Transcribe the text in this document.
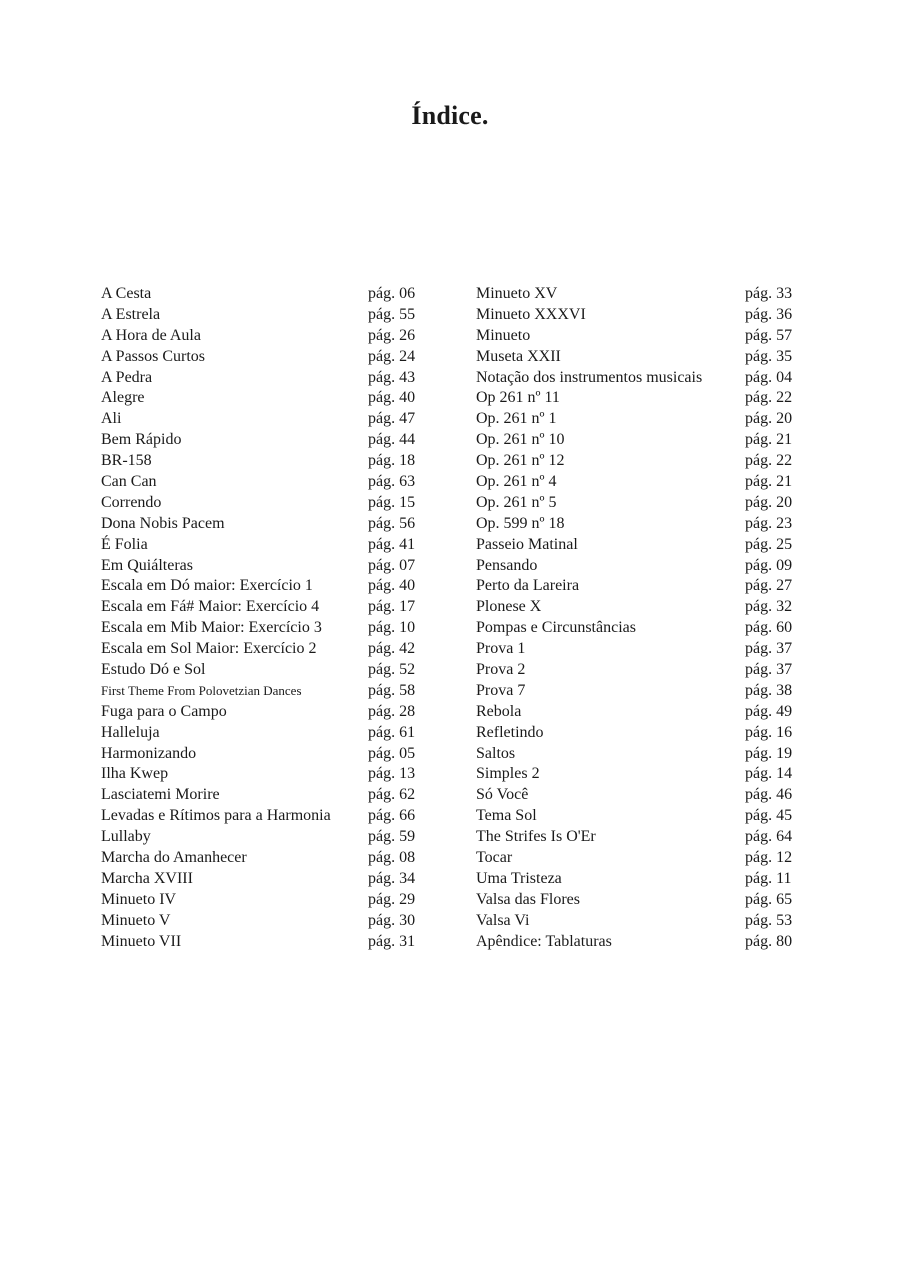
Índice.
A Cesta	pág. 06
A Estrela	pág. 55
A Hora de Aula	pág. 26
A Passos Curtos	pág. 24
A Pedra	pág. 43
Alegre	pág. 40
Ali	pág. 47
Bem Rápido	pág. 44
BR-158	pág. 18
Can Can	pág. 63
Correndo	pág. 15
Dona Nobis Pacem	pág. 56
É Folia	pág. 41
Em Quiálteras	pág. 07
Escala em Dó maior: Exercício 1	pág. 40
Escala em Fá# Maior: Exercício 4	pág. 17
Escala em Mib Maior: Exercício 3	pág. 10
Escala em Sol Maior: Exercício 2	pág. 42
Estudo Dó e Sol	pág. 52
First Theme From Polovetzian Dances	pág. 58
Fuga para o Campo	pág. 28
Halleluja	pág. 61
Harmonizando	pág. 05
Ilha Kwep	pág. 13
Lasciatemi Morire	pág. 62
Levadas e Rítimos para a Harmonia pág. 66
Lullaby	pág. 59
Marcha do Amanhecer	pág. 08
Marcha XVIII	pág. 34
Minueto IV	pág. 29
Minueto V	pág. 30
Minueto VII	pág. 31
Minueto XV	pág. 33
Minueto XXXVI	pág. 36
Minueto	pág. 57
Museta XXII	pág. 35
Notação dos instrumentos musicais	pág. 04
Op 261 nº 11	pág. 22
Op. 261 nº 1	pág. 20
Op. 261 nº 10	pág. 21
Op. 261 nº 12	pág. 22
Op. 261 nº 4	pág. 21
Op. 261 nº 5	pág. 20
Op. 599 nº 18	pág. 23
Passeio Matinal	pág. 25
Pensando	pág. 09
Perto da Lareira	pág. 27
Plonese X	pág. 32
Pompas e Circunstâncias	pág. 60
Prova 1	pág. 37
Prova 2	pág. 37
Prova 7	pág. 38
Rebola	pág. 49
Refletindo	pág. 16
Saltos	pág. 19
Simples 2	pág. 14
Só Você	pág. 46
Tema Sol	pág. 45
The Strifes Is O'Er	pág. 64
Tocar	pág. 12
Uma Tristeza	pág. 11
Valsa das Flores	pág. 65
Valsa Vi	pág. 53
Apêndice: Tablaturas	pág. 80
